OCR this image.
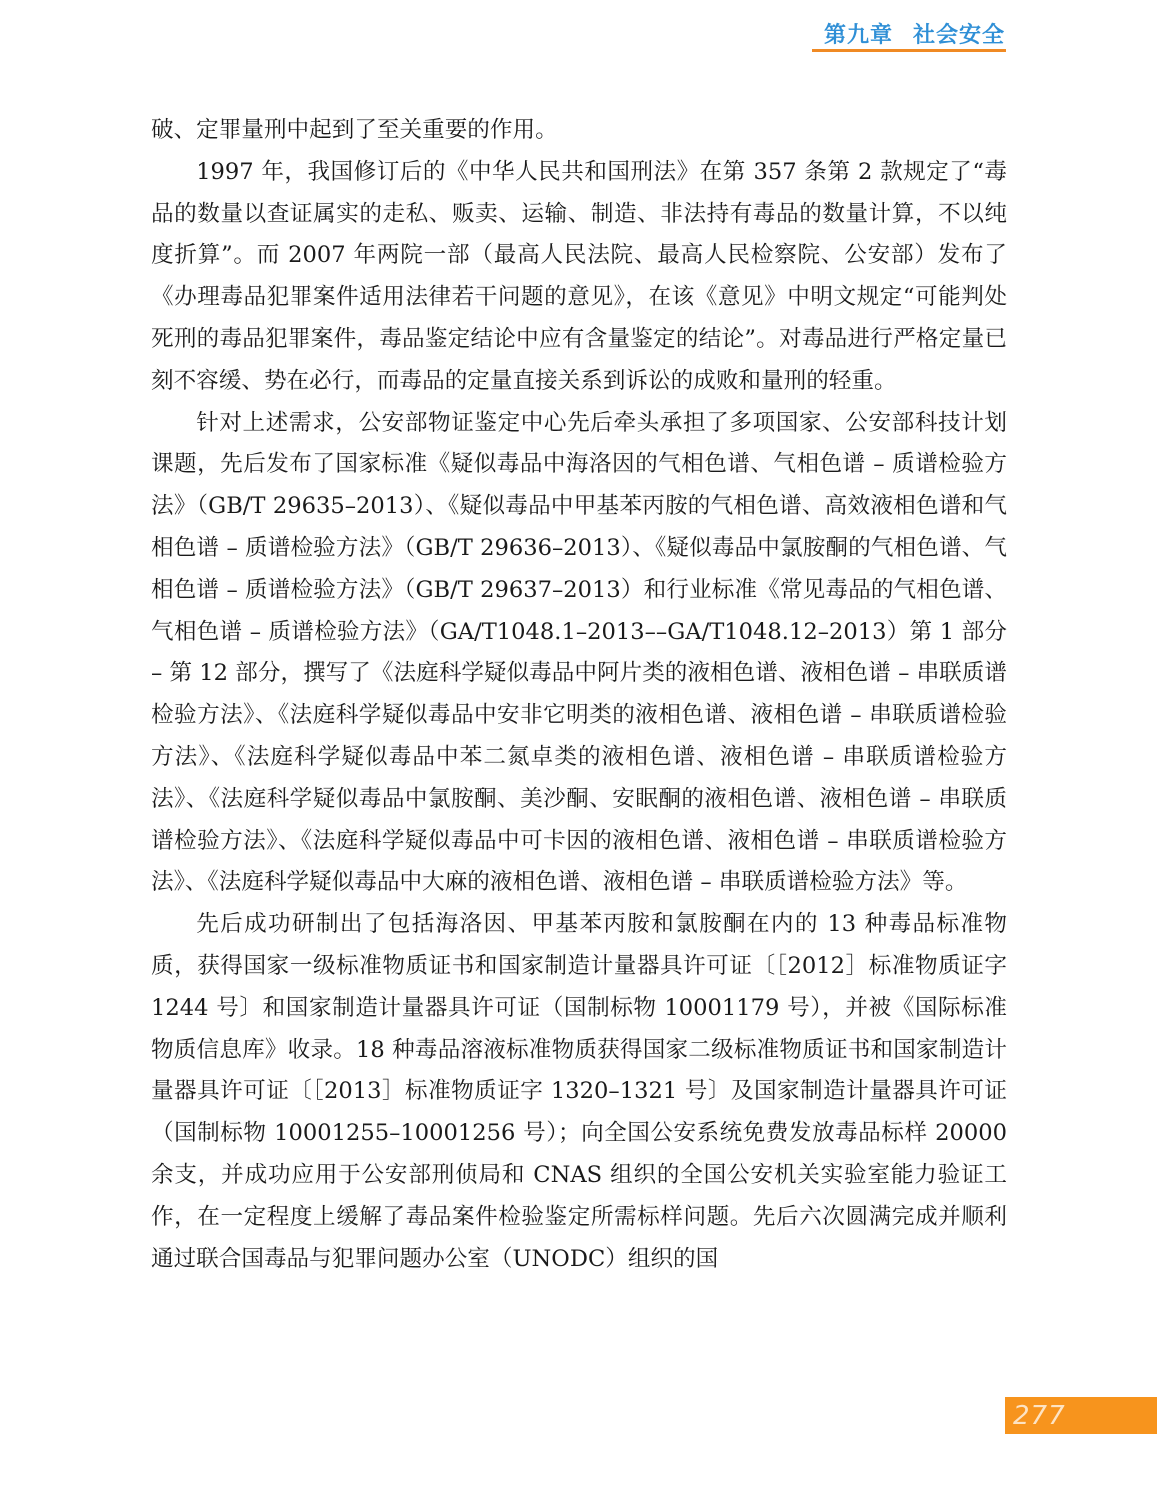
第九章 社会安全

破、定罪量刑中起到了至关重要的作用。

1997 年，我国修订后的《中华人民共和国刑法》在第 357 条第 2 款规定了“毒品的数量以查证属实的走私、贩卖、运输、制造、非法持有毒品的数量计算，不以纯度折算”。而 2007 年两院一部（最高人民法院、最高人民检察院、公安部）发布了《办理毒品犯罪案件适用法律若干问题的意见》，在该《意见》中明文规定“可能判处死刑的毒品犯罪案件，毒品鉴定结论中应有含量鉴定的结论”。对毒品进行严格定量已刻不容缓、势在必行，而毒品的定量直接关系到诉讼的成败和量刑的轻重。

针对上述需求，公安部物证鉴定中心先后牵头承担了多项国家、公安部科技计划课题，先后发布了国家标准《疑似毒品中海洛因的气相色谱、气相色谱 – 质谱检验方法》（GB/T 29635–2013）、《疑似毒品中甲基苯丙胺的气相色谱、高效液相色谱和气相色谱 – 质谱检验方法》（GB/T 29636–2013）、《疑似毒品中氯胺酮的气相色谱、气相色谱 – 质谱检验方法》（GB/T 29637–2013）和行业标准《常见毒品的气相色谱、气相色谱 – 质谱检验方法》（GA/T1048.1–2013––GA/T1048.12–2013）第 1 部分 – 第 12 部分，撰写了《法庭科学疑似毒品中阿片类的液相色谱、液相色谱 – 串联质谱检验方法》、《法庭科学疑似毒品中安非它明类的液相色谱、液相色谱 – 串联质谱检验方法》、《法庭科学疑似毒品中苯二氮卓类的液相色谱、液相色谱 – 串联质谱检验方法》、《法庭科学疑似毒品中氯胺酮、美沙酮、安眠酮的液相色谱、液相色谱 – 串联质谱检验方法》、《法庭科学疑似毒品中可卡因的液相色谱、液相色谱 – 串联质谱检验方法》、《法庭科学疑似毒品中大麻的液相色谱、液相色谱 – 串联质谱检验方法》等。

先后成功研制出了包括海洛因、甲基苯丙胺和氯胺酮在内的 13 种毒品标准物质，获得国家一级标准物质证书和国家制造计量器具许可证〔［2012］标准物质证字 1244 号〕和国家制造计量器具许可证（国制标物 10001179 号），并被《国际标准物质信息库》收录。18 种毒品溶液标准物质获得国家二级标准物质证书和国家制造计量器具许可证〔［2013］标准物质证字 1320–1321 号〕及国家制造计量器具许可证（国制标物 10001255–10001256 号）；向全国公安系统免费发放毒品标样 20000 余支，并成功应用于公安部刑侦局和 CNAS 组织的全国公安机关实验室能力验证工作，在一定程度上缓解了毒品案件检验鉴定所需标样问题。先后六次圆满完成并顺利通过联合国毒品与犯罪问题办公室（UNODC）组织的国

277
